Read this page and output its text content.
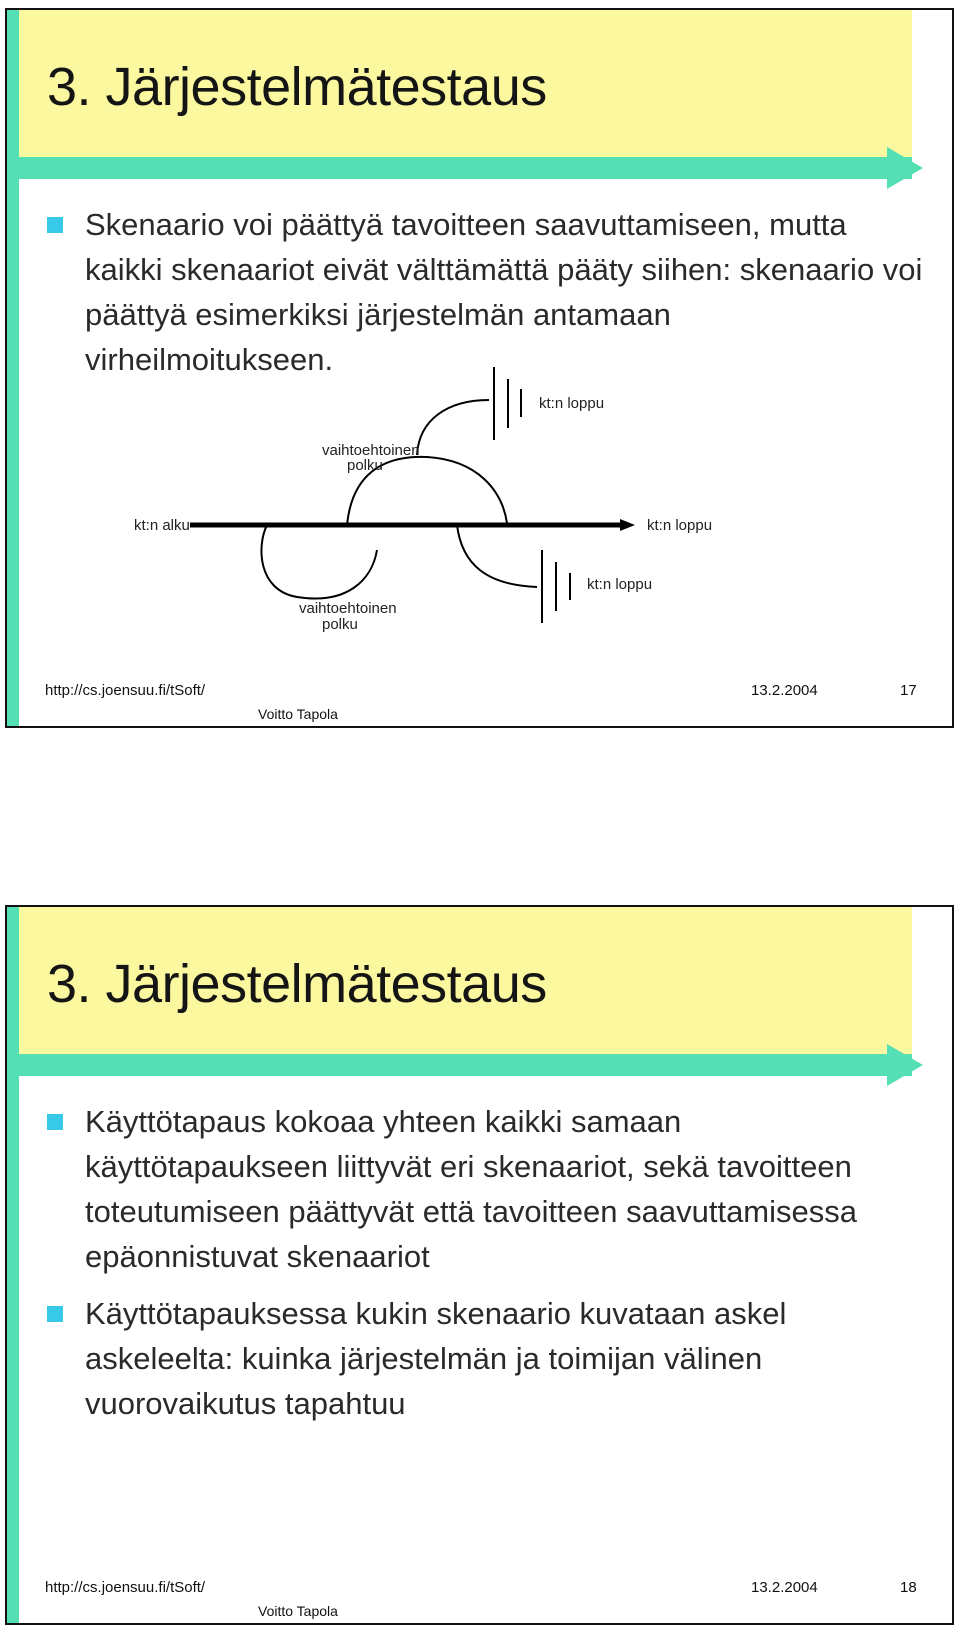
3. Järjestelmätestaus
Skenaario voi päättyä tavoitteen saavuttamiseen, mutta kaikki skenaariot eivät välttämättä pääty siihen: skenaario voi päättyä esimerkiksi järjestelmän antamaan virheilmoitukseen.
kt:n alku	kt:n loppu
kt:n loppu
kt:n loppu
vaihtoehtoinen
polku
vaihtoehtoinen
polku
http://cs.joensuu.fi/tSoft/
Voitto Tapola
13.2.2004	17
3. Järjestelmätestaus
Käyttötapaus kokoaa yhteen kaikki samaan käyttötapaukseen liittyvät eri skenaariot, sekä tavoitteen toteutumiseen päättyvät että tavoitteen saavuttamisessa epäonnistuvat skenaariot
Käyttötapauksessa kukin skenaario kuvataan askel askeleelta: kuinka järjestelmän ja toimijan välinen vuorovaikutus tapahtuu
http://cs.joensuu.fi/tSoft/
Voitto Tapola
13.2.2004	18
